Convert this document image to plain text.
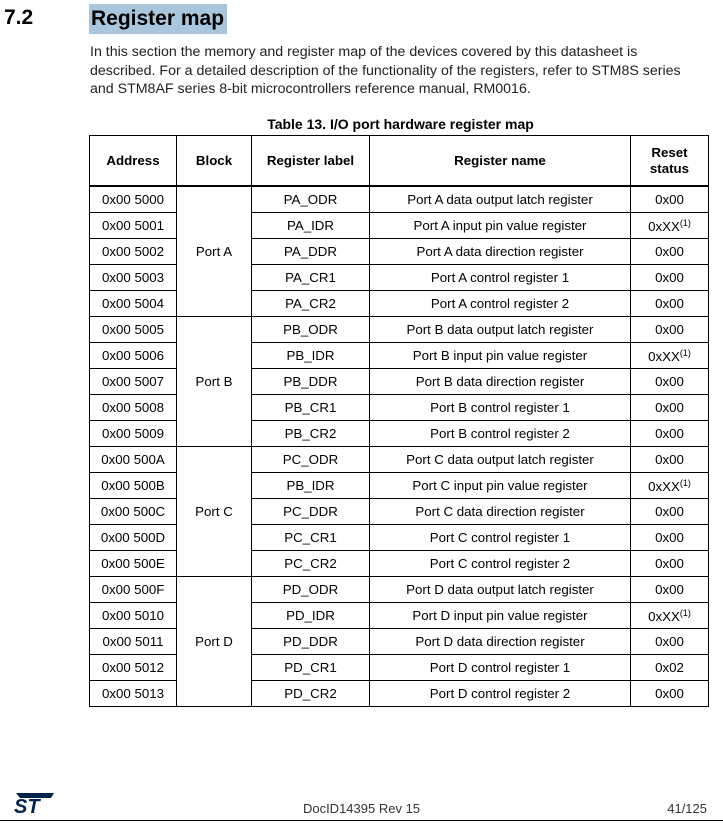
7.2	Register map
In this section the memory and register map of the devices covered by this datasheet is described. For a detailed description of the functionality of the registers, refer to STM8S series and STM8AF series 8-bit microcontrollers reference manual, RM0016.
Table 13. I/O port hardware register map
Address	Block	Register label	Register name	Reset status
0x00 5000	Port A	PA_ODR	Port A data output latch register	0x00
0x00 5001		PA_IDR	Port A input pin value register	0xXX$^{(1)}$
0x00 5002		PA_DDR	Port A data direction register	0x00
0x00 5003		PA_CR1	Port A control register 1	0x00
0x00 5004		PA_CR2	Port A control register 2	0x00
0x00 5005	Port B	PB_ODR	Port B data output latch register	0x00
0x00 5006		PB_IDR	Port B input pin value register	0xXX$^{(1)}$
0x00 5007		PB_DDR	Port B data direction register	0x00
0x00 5008		PB_CR1	Port B control register 1	0x00
0x00 5009		PB_CR2	Port B control register 2	0x00
0x00 500A	Port C	PC_ODR	Port C data output latch register	0x00
0x00 500B		PB_IDR	Port C input pin value register	0xXX$^{(1)}$
0x00 500C		PC_DDR	Port C data direction register	0x00
0x00 500D		PC_CR1	Port C control register 1	0x00
0x00 500E		PC_CR2	Port C control register 2	0x00
0x00 500F	Port D	PD_ODR	Port D data output latch register	0x00
0x00 5010		PD_IDR	Port D input pin value register	0xXX$^{(1)}$
0x00 5011		PD_DDR	Port D data direction register	0x00
0x00 5012		PD_CR1	Port D control register 1	0x02
0x00 5013		PD_CR2	Port D control register 2	0x00
ST	DocID14395 Rev 15	41/125
